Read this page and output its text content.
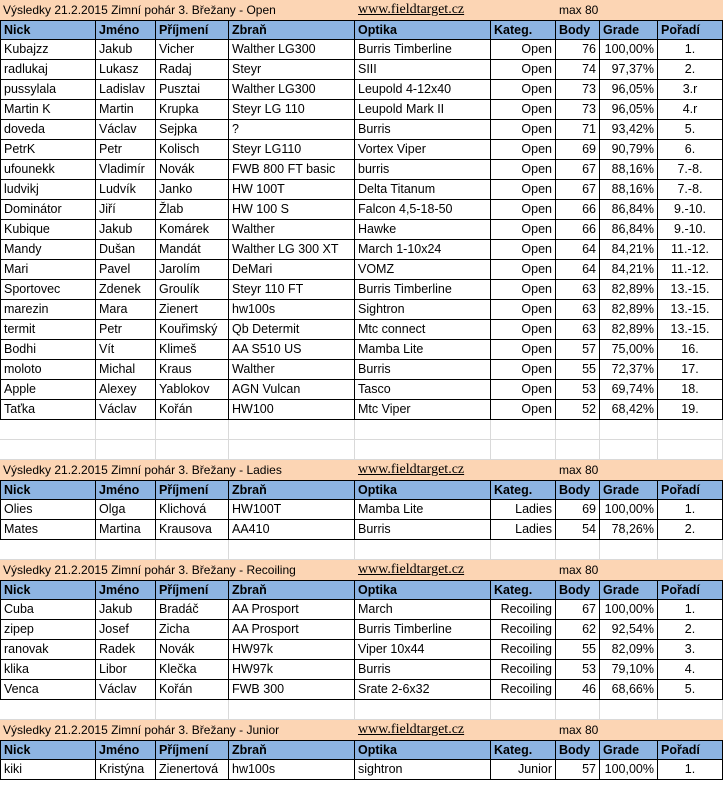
Výsledky 21.2.2015 Zimní pohár 3. Břežany - Open	www.fieldtarget.cz	max 80
Nick	Jméno	Příjmení	Zbraň	Optika	Kateg.	Body	Grade	Pořadí
Kubajzz	Jakub	Vicher	Walther LG300	Burris Timberline	Open	76 100,00%	1.
radlukaj	Lukasz	Radaj	Steyr	SIII	Open	74	97,37%	2.
pussylala	Ladislav	Pusztai	Walther LG300	Leupold 4-12x40	Open	73	96,05%	3.r
Martin K	Martin	Krupka	Steyr LG 110	Leupold Mark II	Open	73	96,05%	4.r
doveda	Václav	Sejpka	?	Burris	Open	71	93,42%	5.
PetrK	Petr	Kolisch	Steyr LG110	Vortex Viper	Open	69	90,79%	6.
ufounekk	Vladimír	Novák	FWB 800 FT basic	burris	Open	67	88,16%	7.-8.
ludvikj	Ludvík	Janko	HW 100T	Delta Titanum	Open	67	88,16%	7.-8.
Dominátor	Jiří	Žlab	HW 100 S	Falcon 4,5-18-50	Open	66	86,84%	9.-10.
Kubique	Jakub	Komárek	Walther	Hawke	Open	66	86,84%	9.-10.
Mandy	Dušan	Mandát	Walther LG 300 XT	March 1-10x24	Open	64	84,21%	11.-12.
Mari	Pavel	Jarolím	DeMari	VOMZ	Open	64	84,21%	11.-12.
Sportovec	Zdenek	Groulík	Steyr 110 FT	Burris Timberline	Open	63	82,89%	13.-15.
marezin	Mara	Zienert	hw100s	Sightron	Open	63	82,89%	13.-15.
termit	Petr	Kouřimský	Qb Determit	Mtc connect	Open	63	82,89%	13.-15.
Bodhi	Vít	Klimeš	AA S510 US	Mamba Lite	Open	57	75,00%	16.
moloto	Michal	Kraus	Walther	Burris	Open	55	72,37%	17.
Apple	Alexey	Yablokov	AGN Vulcan	Tasco	Open	53	69,74%	18.
Taťka	Václav	Kořán	HW100	Mtc Viper	Open	52	68,42%	19.
Výsledky 21.2.2015 Zimní pohár 3. Břežany - Ladies	www.fieldtarget.cz	max 80
Nick	Jméno	Příjmení	Zbraň	Optika	Kateg.	Body	Grade	Pořadí
Olies	Olga	Klichová	HW100T	Mamba Lite	Ladies	69 100,00%	1.
Mates	Martina	Krausova	AA410	Burris	Ladies	54	78,26%	2.
Výsledky 21.2.2015 Zimní pohár 3. Břežany - Recoiling	www.fieldtarget.cz	max 80
Nick	Jméno	Příjmení	Zbraň	Optika	Kateg.	Body	Grade	Pořadí
Cuba	Jakub	Bradáč	AA Prosport	March	Recoiling	67 100,00%	1.
zipep	Josef	Zicha	AA Prosport	Burris Timberline	Recoiling	62	92,54%	2.
ranovak	Radek	Novák	HW97k	Viper 10x44	Recoiling	55	82,09%	3.
klika	Libor	Klečka	HW97k	Burris	Recoiling	53	79,10%	4.
Venca	Václav	Kořán	FWB 300	Srate 2-6x32	Recoiling	46	68,66%	5.
Výsledky 21.2.2015 Zimní pohár 3. Břežany - Junior	www.fieldtarget.cz	max 80
Nick	Jméno	Příjmení	Zbraň	Optika	Kateg.	Body	Grade	Pořadí
kiki	Kristýna	Zienertová	hw100s	sightron	Junior	57 100,00%	1.
